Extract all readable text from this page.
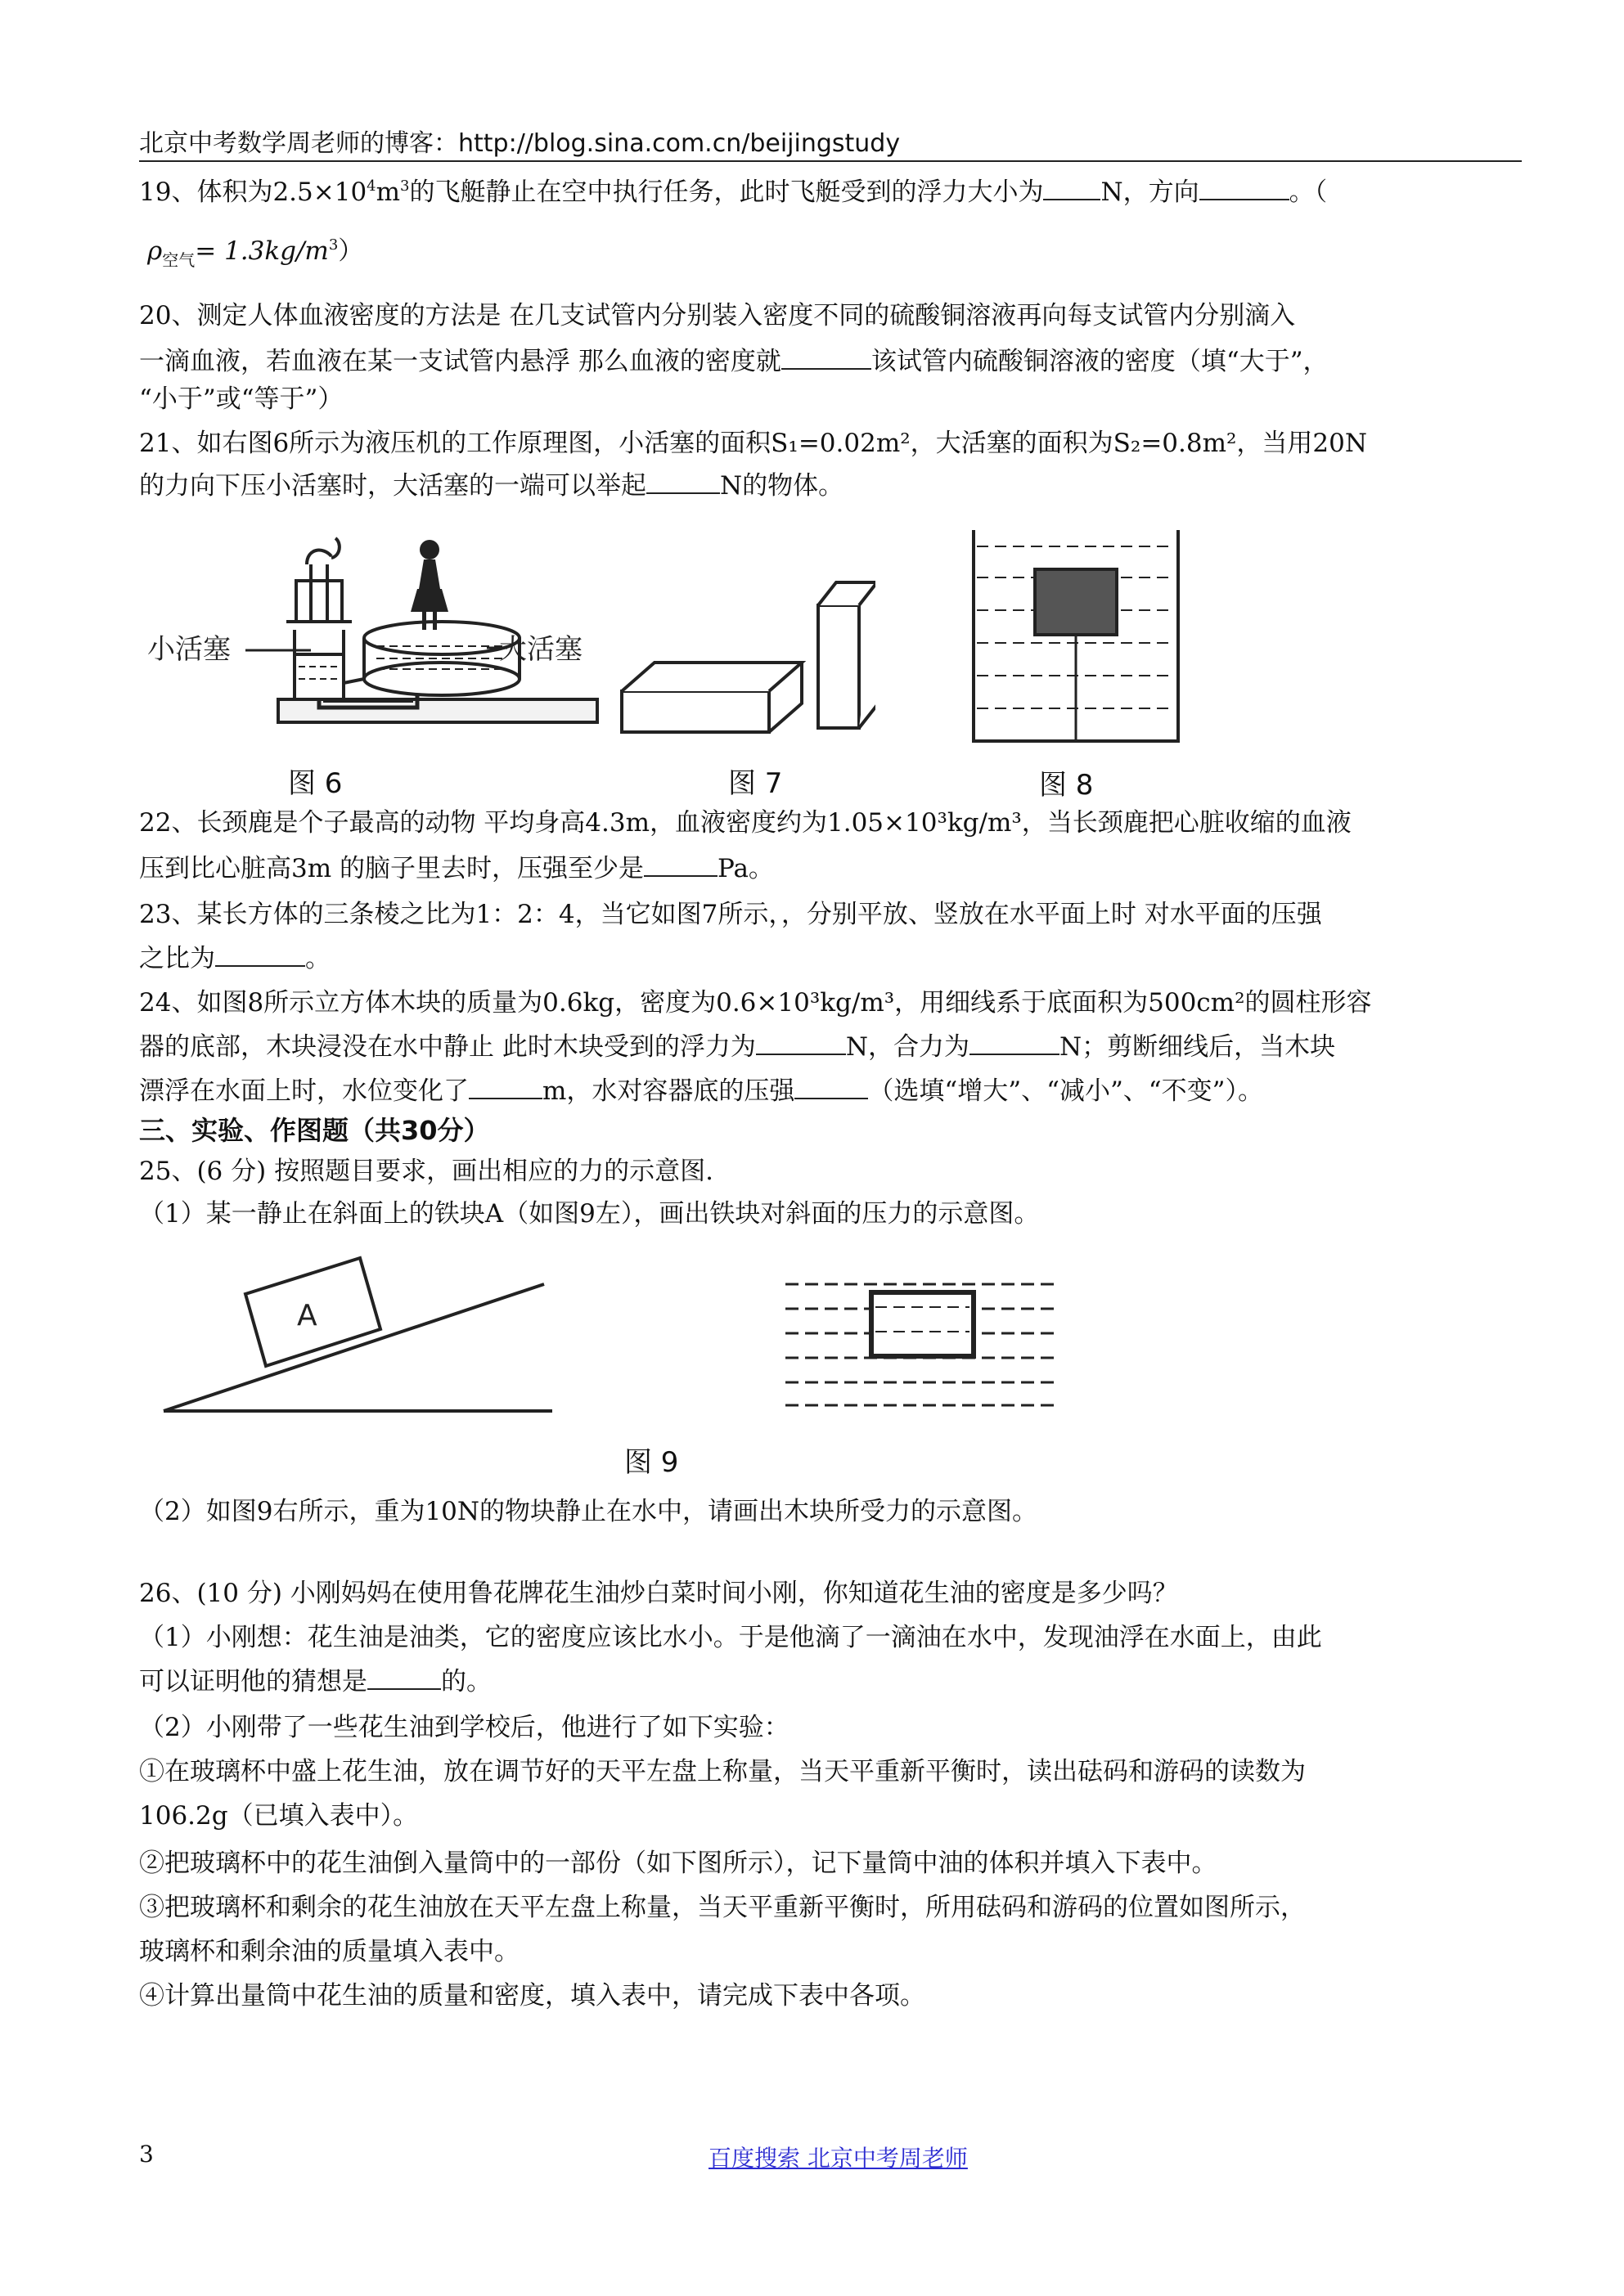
北京中考数学周老师的博客：http://blog.sina.com.cn/beijingstudy
19、体积为$2.5\times 10^4m^3$的飞艇静止在空中执行任务，此时飞艇受到的浮力大小为 N，方向	。（
$\rho_{空气}= 1.3kg/m^3$）
20、测定人体血液密度的方法是 在几支试管内分别装入密度不同的硫酸铜溶液再向每支试管内分别滴入
一滴血液，若血液在某一支试管内悬浮 那么血液的密度就	该试管内硫酸铜溶液的密度（填“大于”，
“小于”或“等于”）
21、如右图6所示为液压机的工作原理图，小活塞的面积S₁=0.02m²，大活塞的面积为S₂=0.8m²，当用20N
的力向下压小活塞时，大活塞的一端可以举起	N的物体。
小活塞	大活塞
图 6	图 7	图 8
22、长颈鹿是个子最高的动物 平均身高4.3m，血液密度约为1.05×10³kg/m³，当长颈鹿把心脏收缩的血液
压到比心脏高3m 的脑子里去时，压强至少是	Pa。
23、某长方体的三条棱之比为1：2：4，当它如图7所示，，分别平放、竖放在水平面上时 对水平面的压强
之比为	。
24、如图8所示立方体木块的质量为0.6kg，密度为0.6×10³kg/m³，用细线系于底面积为500cm²的圆柱形容
器的底部，木块浸没在水中静止 此时木块受到的浮力为	N，合力为	N；剪断细线后，当木块
漂浮在水面上时，水位变化了	m，水对容器底的压强	（选填“增大”、“减小”、“不变”）。
三、实验、作图题（共30分）
25、(6 分) 按照题目要求，画出相应的力的示意图.
（1）某一静止在斜面上的铁块A（如图9左），画出铁块对斜面的压力的示意图。
A
图 9
（2）如图9右所示，重为10N的物块静止在水中，请画出木块所受力的示意图。
26、(10 分) 小刚妈妈在使用鲁花牌花生油炒白菜时间小刚，你知道花生油的密度是多少吗？
（1）小刚想：花生油是油类，它的密度应该比水小。于是他滴了一滴油在水中，发现油浮在水面上，由此
可以证明他的猜想是	的。
（2）小刚带了一些花生油到学校后，他进行了如下实验：
①在玻璃杯中盛上花生油，放在调节好的天平左盘上称量，当天平重新平衡时，读出砝码和游码的读数为
106.2g（已填入表中）。
②把玻璃杯中的花生油倒入量筒中的一部份（如下图所示），记下量筒中油的体积并填入下表中。
③把玻璃杯和剩余的花生油放在天平左盘上称量，当天平重新平衡时，所用砝码和游码的位置如图所示，
玻璃杯和剩余油的质量填入表中。
④计算出量筒中花生油的质量和密度，填入表中，请完成下表中各项。
3	百度搜索 北京中考周老师
